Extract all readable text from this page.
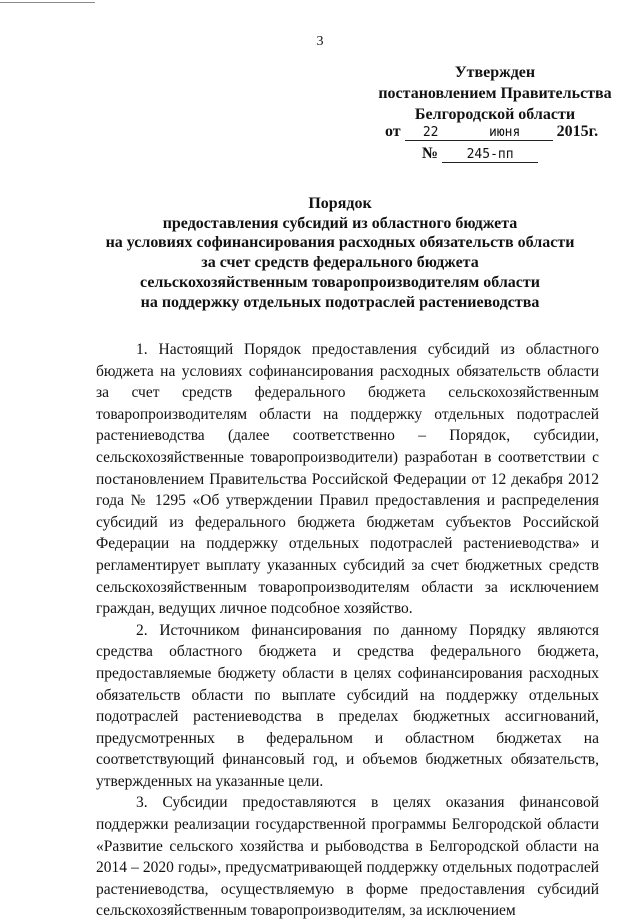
3
Утвержден
постановлением Правительства
Белгородской области
от 22	июня 2015г.
№ 245-пп
Порядок
предоставления субсидий из областного бюджета
на условиях софинансирования расходных обязательств области
за счет средств федерального бюджета
сельскохозяйственным товаропроизводителям области
на поддержку отдельных подотраслей растениеводства

1. Настоящий Порядок предоставления субсидий из областного бюджета на условиях софинансирования расходных обязательств области за счет средств федерального бюджета сельскохозяйственным товаропроизводителям области на поддержку отдельных подотраслей растениеводства (далее соответственно – Порядок, субсидии, сельскохозяйственные товаропроизводители) разработан в соответствии с постановлением Правительства Российской Федерации от 12 декабря 2012 года № 1295 «Об утверждении Правил предоставления и распределения субсидий из федерального бюджета бюджетам субъектов Российской Федерации на поддержку отдельных подотраслей растениеводства» и регламентирует выплату указанных субсидий за счет бюджетных средств сельскохозяйственным товаропроизводителям области за исключением граждан, ведущих личное подсобное хозяйство.

2. Источником финансирования по данному Порядку являются средства областного бюджета и средства федерального бюджета, предоставляемые бюджету области в целях софинансирования расходных обязательств области по выплате субсидий на поддержку отдельных подотраслей растениеводства в пределах бюджетных ассигнований, предусмотренных в федеральном и областном бюджетах на соответствующий финансовый год, и объемов бюджетных обязательств, утвержденных на указанные цели.

3. Субсидии предоставляются в целях оказания финансовой поддержки реализации государственной программы Белгородской области «Развитие сельского хозяйства и рыбоводства в Белгородской области на 2014 – 2020 годы», предусматривающей поддержку отдельных подотраслей растениеводства, осуществляемую в форме предоставления субсидий сельскохозяйственным товаропроизводителям, за исключением
